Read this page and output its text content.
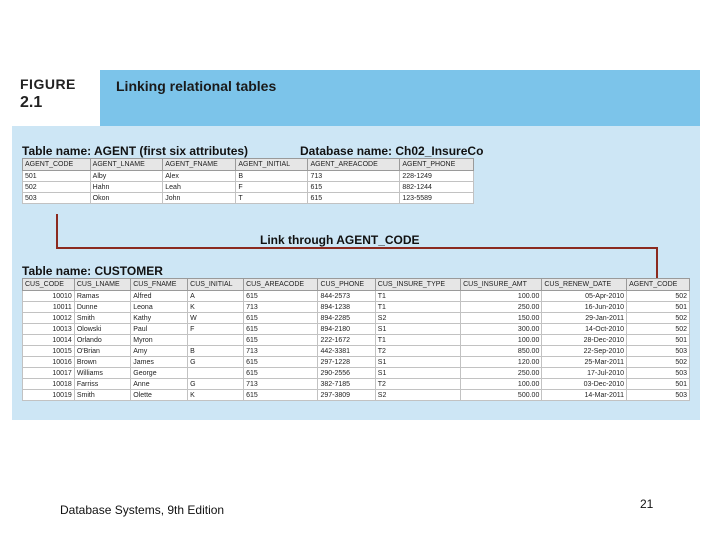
FIGURE
2.1
Linking relational tables
Table name: AGENT (first six attributes)	Database name: Ch02_InsureCo
AGENT_CODE	AGENT_LNAME	AGENT_FNAME	AGENT_INITIAL	AGENT_AREACODE	AGENT_PHONE
501	Alby	Alex	B	713	228-1249
502	Hahn	Leah	F	615	882-1244
503	Okon	John	T	615	123-5589
Link through AGENT_CODE
Table name: CUSTOMER
CUS_CODE	CUS_LNAME	CUS_FNAME	CUS_INITIAL	CUS_AREACODE	CUS_PHONE	CUS_INSURE_TYPE	CUS_INSURE_AMT	CUS_RENEW_DATE	AGENT_CODE
10010	Ramas	Alfred	A	615	844-2573	T1	100.00	05-Apr-2010	502
10011	Dunne	Leona	K	713	894-1238	T1	250.00	16-Jun-2010	501
10012	Smith	Kathy	W	615	894-2285	S2	150.00	29-Jan-2011	502
10013	Olowski	Paul	F	615	894-2180	S1	300.00	14-Oct-2010	502
10014	Orlando	Myron		615	222-1672	T1	100.00	28-Dec-2010	501
10015	O'Brian	Amy	B	713	442-3381	T2	850.00	22-Sep-2010	503
10016	Brown	James	G	615	297-1228	S1	120.00	25-Mar-2011	502
10017	Williams	George		615	290-2556	S1	250.00	17-Jul-2010	503
10018	Farriss	Anne	G	713	382-7185	T2	100.00	03-Dec-2010	501
10019	Smith	Olette	K	615	297-3809	S2	500.00	14-Mar-2011	503
Database Systems, 9th Edition	21
